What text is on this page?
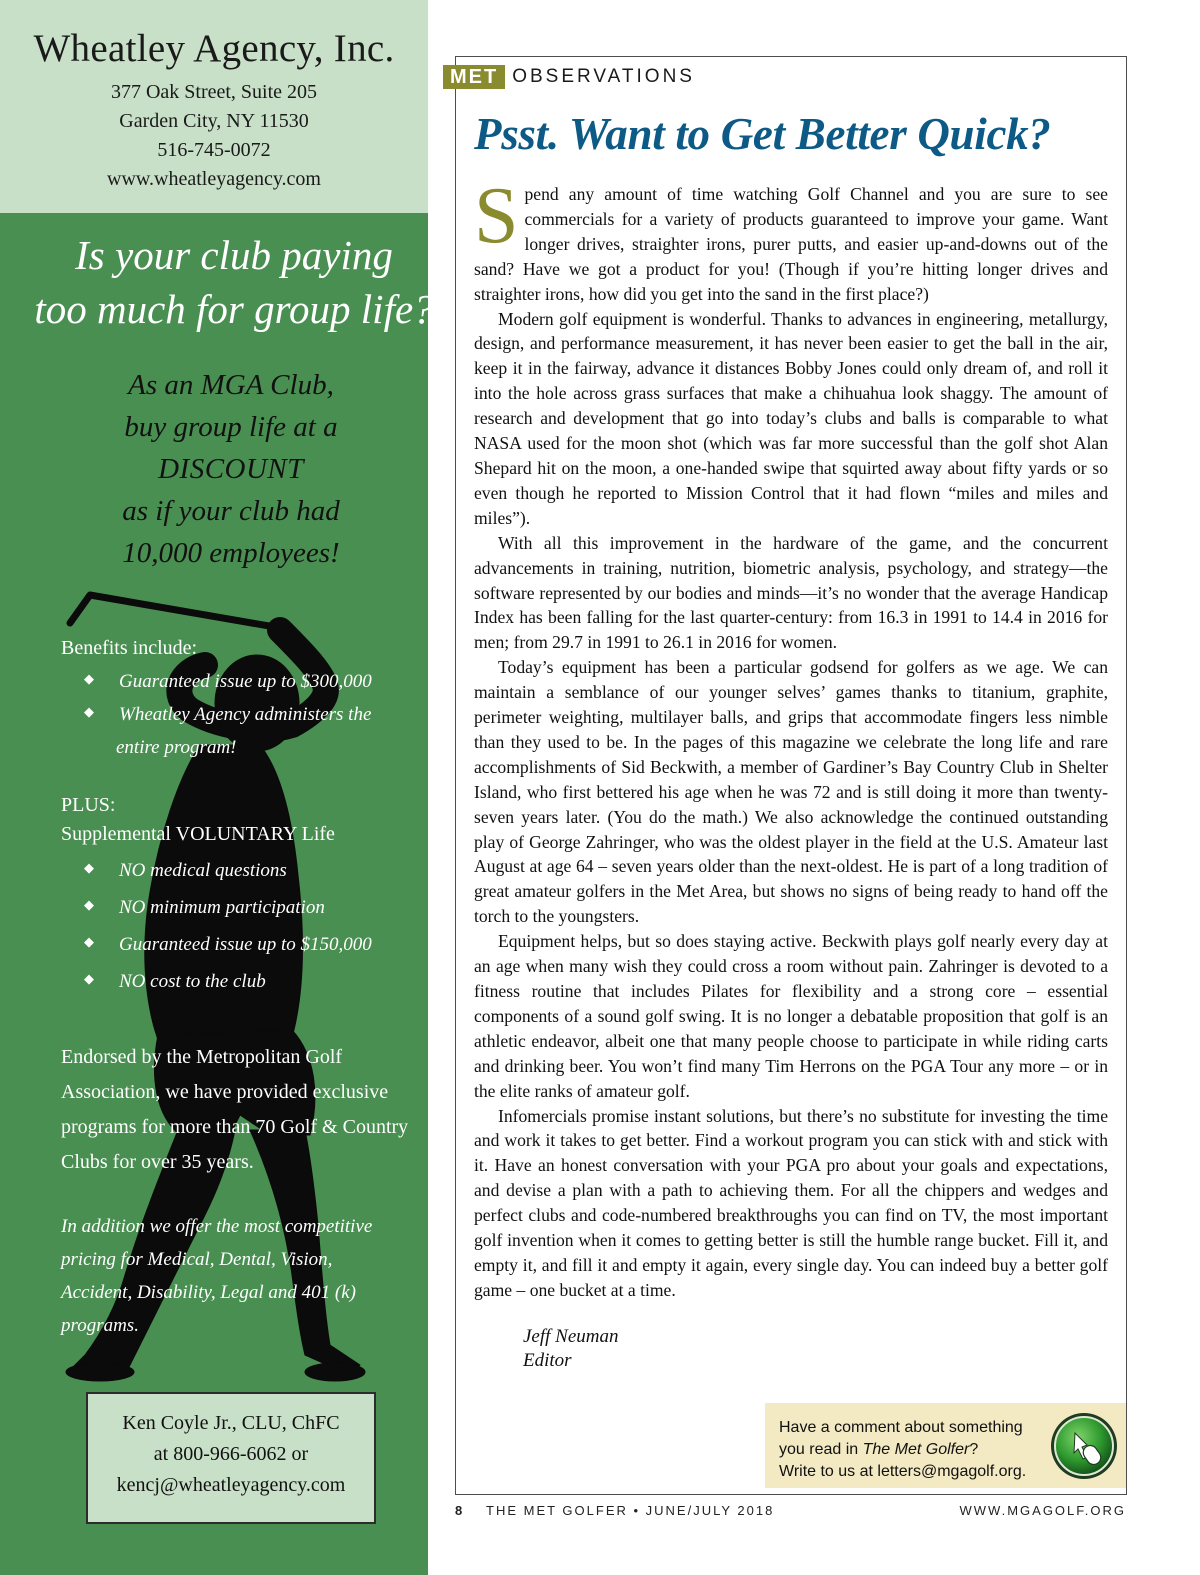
Wheatley Agency, Inc.
377 Oak Street, Suite 205
Garden City, NY 11530
516-745-0072
www.wheatleyagency.com
Is your club paying
too much for group life?
As an MGA Club,
buy group life at a
DISCOUNT
as if your club had
10,000 employees!
Benefits include:
◆ Guaranteed issue up to $300,000
◆ Wheatley Agency administers the
entire program!
PLUS:
Supplemental VOLUNTARY Life
◆ NO medical questions
◆ NO minimum participation
◆ Guaranteed issue up to $150,000
◆ NO cost to the club
Endorsed by the Metropolitan Golf Association, we have provided exclusive programs for more than 70 Golf & Country Clubs for over 35 years.
In addition we offer the most competitive pricing for Medical, Dental, Vision, Accident, Disability, Legal and 401 (k) programs.
Ken Coyle Jr., CLU, ChFC
at 800-966-6062 or
kencj@wheatleyagency.com
MET OBSERVATIONS
Psst. Want to Get Better Quick?

Spend any amount of time watching Golf Channel and you are sure to see commercials for a variety of products guaranteed to improve your game. Want longer drives, straighter irons, purer putts, and easier up-and-downs out of the sand? Have we got a product for you! (Though if you’re hitting longer drives and straighter irons, how did you get into the sand in the first place?)

Modern golf equipment is wonderful. Thanks to advances in engineering, metallurgy, design, and performance measurement, it has never been easier to get the ball in the air, keep it in the fairway, advance it distances Bobby Jones could only dream of, and roll it into the hole across grass surfaces that make a chihuahua look shaggy. The amount of research and development that go into today’s clubs and balls is comparable to what NASA used for the moon shot (which was far more successful than the golf shot Alan Shepard hit on the moon, a one-handed swipe that squirted away about fifty yards or so even though he reported to Mission Control that it had flown “miles and miles and miles”).

With all this improvement in the hardware of the game, and the concurrent advancements in training, nutrition, biometric analysis, psychology, and strategy—the software represented by our bodies and minds—it’s no wonder that the average Handicap Index has been falling for the last quarter-century: from 16.3 in 1991 to 14.4 in 2016 for men; from 29.7 in 1991 to 26.1 in 2016 for women.

Today’s equipment has been a particular godsend for golfers as we age. We can maintain a semblance of our younger selves’ games thanks to titanium, graphite, perimeter weighting, multilayer balls, and grips that accommodate fingers less nimble than they used to be. In the pages of this magazine we celebrate the long life and rare accomplishments of Sid Beckwith, a member of Gardiner’s Bay Country Club in Shelter Island, who first bettered his age when he was 72 and is still doing it more than twenty-seven years later. (You do the math.) We also acknowledge the continued outstanding play of George Zahringer, who was the oldest player in the field at the U.S. Amateur last August at age 64 – seven years older than the next-oldest. He is part of a long tradition of great amateur golfers in the Met Area, but shows no signs of being ready to hand off the torch to the youngsters.

Equipment helps, but so does staying active. Beckwith plays golf nearly every day at an age when many wish they could cross a room without pain. Zahringer is devoted to a fitness routine that includes Pilates for flexibility and a strong core – essential components of a sound golf swing. It is no longer a debatable proposition that golf is an athletic endeavor, albeit one that many people choose to participate in while riding carts and drinking beer. You won’t find many Tim Herrons on the PGA Tour any more – or in the elite ranks of amateur golf.

Infomercials promise instant solutions, but there’s no substitute for investing the time and work it takes to get better. Find a workout program you can stick with and stick with it. Have an honest conversation with your PGA pro about your goals and expectations, and devise a plan with a path to achieving them. For all the chippers and wedges and perfect clubs and code-numbered breakthroughs you can find on TV, the most important golf invention when it comes to getting better is still the humble range bucket. Fill it, and empty it, and fill it and empty it again, every single day. You can indeed buy a better golf game – one bucket at a time.

Jeff Neuman
Editor
Have a comment about something
you read in The Met Golfer?
Write to us at letters@mgagolf.org.
8 THE MET GOLFER • JUNE/JULY 2018	WWW.MGAGOLF.ORG
